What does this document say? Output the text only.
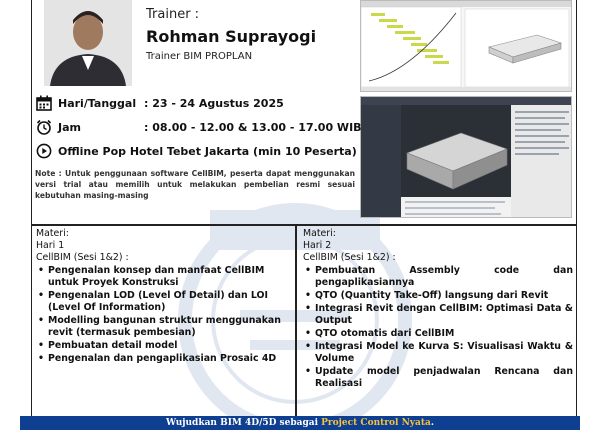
Trainer :
Rohman Suprayogi
Trainer BIM PROPLAN
Hari/Tanggal : 23 - 24 Agustus 2025
Jam	: 08.00 - 12.00 & 13.00 - 17.00 WIB
Offline Pop Hotel Tebet Jakarta (min 10 Peserta)
Note : Untuk penggunaan software CellBIM, peserta dapat menggunakan versi trial atau memilih untuk melakukan pembelian resmi sesuai kebutuhan masing-masing

Materi:

Hari 1

CellBIM (Sesi 1&2) :

• Pengenalan konsep dan manfaat CellBIM untuk Proyek Konstruksi
• Pengenalan LOD (Level Of Detail) dan LOI (Level Of Information)
• Modelling bangunan struktur menggunakan revit (termasuk pembesian)
• Pembuatan detail model
• Pengenalan dan pengaplikasian Prosaic 4D

Materi:

Hari 2

CellBIM (Sesi 1&2) :

• Pembuatan Assembly code dan pengaplikasiannya
• QTO (Quantity Take-Off) langsung dari Revit
• Integrasi Revit dengan CellBIM: Optimasi Data & Output
• QTO otomatis dari CellBIM
• Integrasi Model ke Kurva S: Visualisasi Waktu & Volume
• Update model penjadwalan Rencana dan Realisasi
Wujudkan BIM 4D/5D sebagai Project Control Nyata.
